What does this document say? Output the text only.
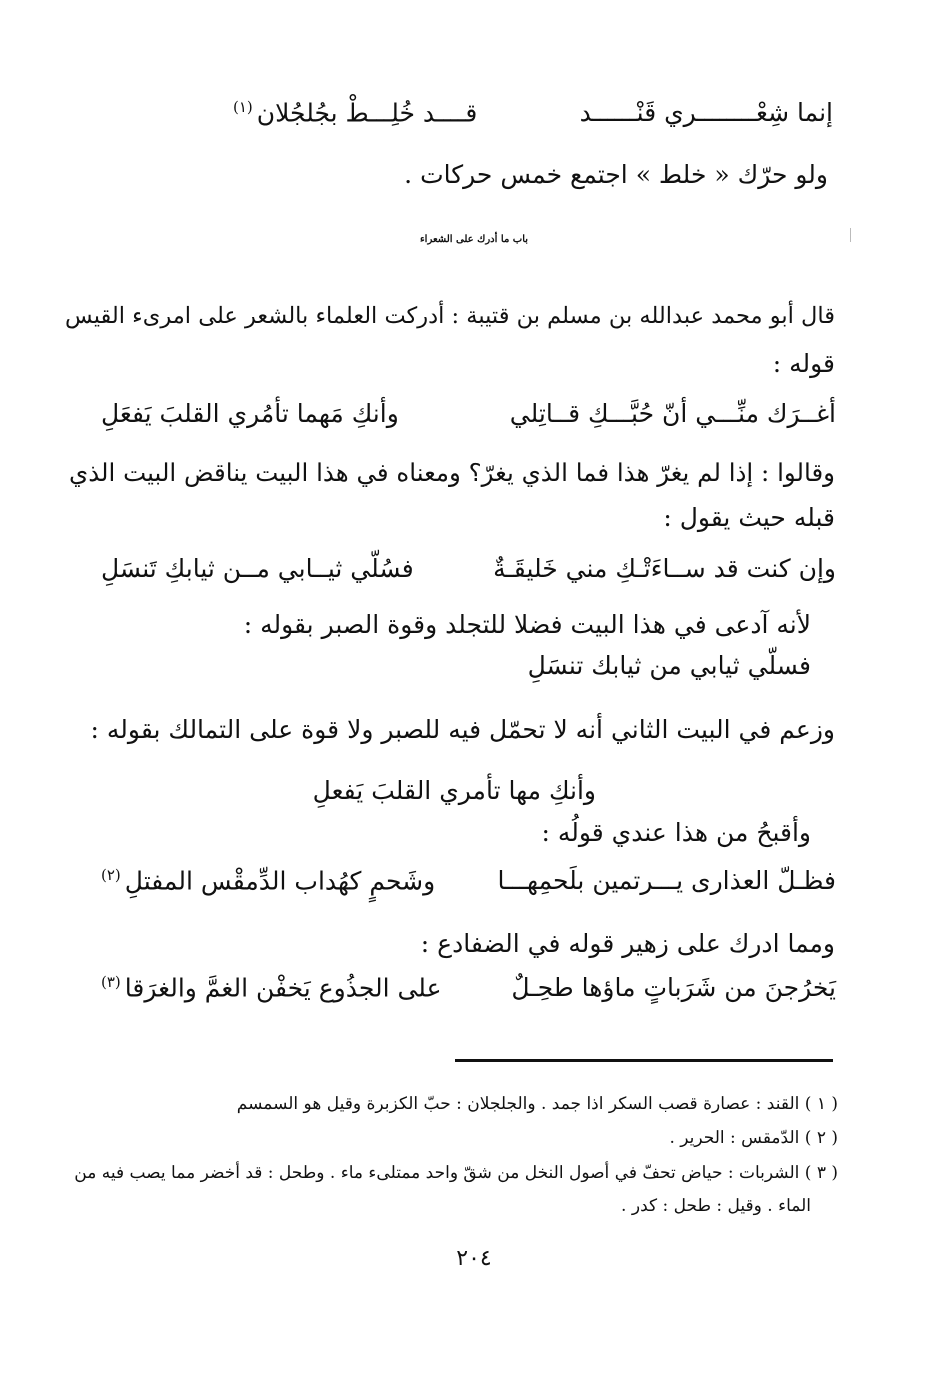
إنما شِعْــــــــري قَنْــــــد
قــــد خُلِـــطْ بجُلجُلان$^{(١)}$
ولو حرّك « خلط » اجتمع خمس حركات .
باب ما أدرك على الشعراء
قال أبو محمد عبدالله بن مسلم بن قتيبة : أدركت العلماء بالشعر على امرىء القيس
قوله :
أغــرَك منِّـــي أنّ حُبَّـــكِ قــاتِلي
وأنكِ مَهما تأمُري القلبَ يَفعَلِ
وقالوا : إذا لم يغرّ هذا فما الذي يغرّ؟ ومعناه في هذا البيت يناقض البيت الذي
قبله حيث يقول :
وإن كنت قد ســاءَتْـكِ مني خَليقَـةٌ
فسُلّي ثيــابي مــن ثيابكِ تَنسَلِ
لأنه آدعى في هذا البيت فضلا للتجلد وقوة الصبر بقوله :
فسلّي ثيابي من ثيابك تنسَلِ
وزعم في البيت الثاني أنه لا تحمّل فيه للصبر ولا قوة على التمالك بقوله :
وأنكِ مها تأمري القلبَ يَفعلِ
وأقبحُ من هذا عندي قولُه :
فظـلّ العذارى يـــرتمين بلَحمِهـــا
وشَحمٍ كهُداب الدِّمقْس المفتلِ$^{(٢)}$
ومما ادرك على زهير قوله في الضفادع :
يَخرُجنَ من شَرَباتٍ ماؤها طحِـلٌ
على الجذُوع يَخفْن الغمَّ والغرَقا$^{(٣)}$
( ١ ) القند : عصارة قصب السكر اذا جمد . والجلجلان : حبّ الكزبرة وقيل هو السمسم
( ٢ ) الدّمقس : الحرير .
( ٣ ) الشربات : حياض تحفّ في أصول النخل من شقّ واحد ممتلىء ماء . وطحل : قد أخضر مما يصب فيه من
الماء . وقيل : طحل : كدر .
٢٠٤
